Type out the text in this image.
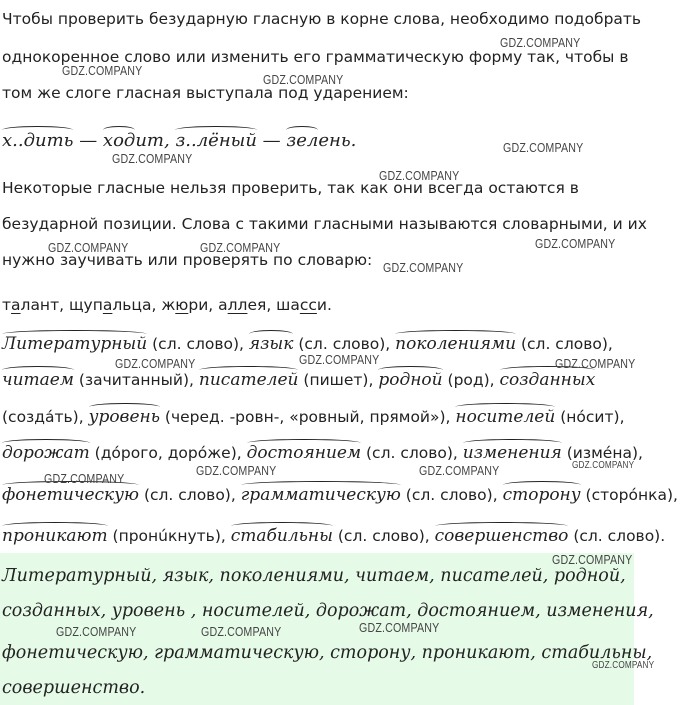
Чтобы проверить безударную гласную в корне слова, необходимо подобрать
однокоренное слово или изменить его грамматическую форму так, чтобы в
том же слоге гласная выступала под ударением:
х..дить — ходит, з..лёный — зелень.
Некоторые гласные нельзя проверить, так как они всегда остаются в
безударной позиции. Слова с такими гласными называются словарными, и их
нужно заучивать или проверять по словарю:
талант, щупальца, жюри, аллея, шасси.
Литературный (сл. слово), язык (сл. слово), поколениями (сл. слово),
читаем (зачитанный), писателей (пишет), родной (род), созданных
(создáть), уровень (черед. -ровн-, «ровный, прямой»), носителей (нóсит),
дорожат (дóрого, дорóже), достоянием (сл. слово), изменения (измéна),
фонетическую (сл. слово), грамматическую (сл. слово), сторону (сторóнка),
проникают (пронúкнуть), стабильны (сл. слово), совершенство (сл. слово).
Литературный, язык, поколениями, читаем, писателей, родной,
созданных, уровень , носителей, дорожат, достоянием, изменения,
фонетическую, грамматическую, сторону, проникают, стабильны,
совершенство.
GDZ.COMPANY
GDZ.COMPANY
GDZ.COMPANY
GDZ.COMPANY
GDZ.COMPANY
GDZ.COMPANY
GDZ.COMPANY
GDZ.COMPANY	GDZ.COMPANY
GDZ.COMPANY
GDZ.COMPANY
GDZ.COMPANY	GDZ.COMPANY
GDZ.COMPANY	GDZ.COMPANY	GDZ.COMPANY
GDZ.COMPANY
GDZ.COMPANY
GDZ.COMPANY
GDZ.COMPANY	GDZ.COMPANY
GDZ.COMPANY
